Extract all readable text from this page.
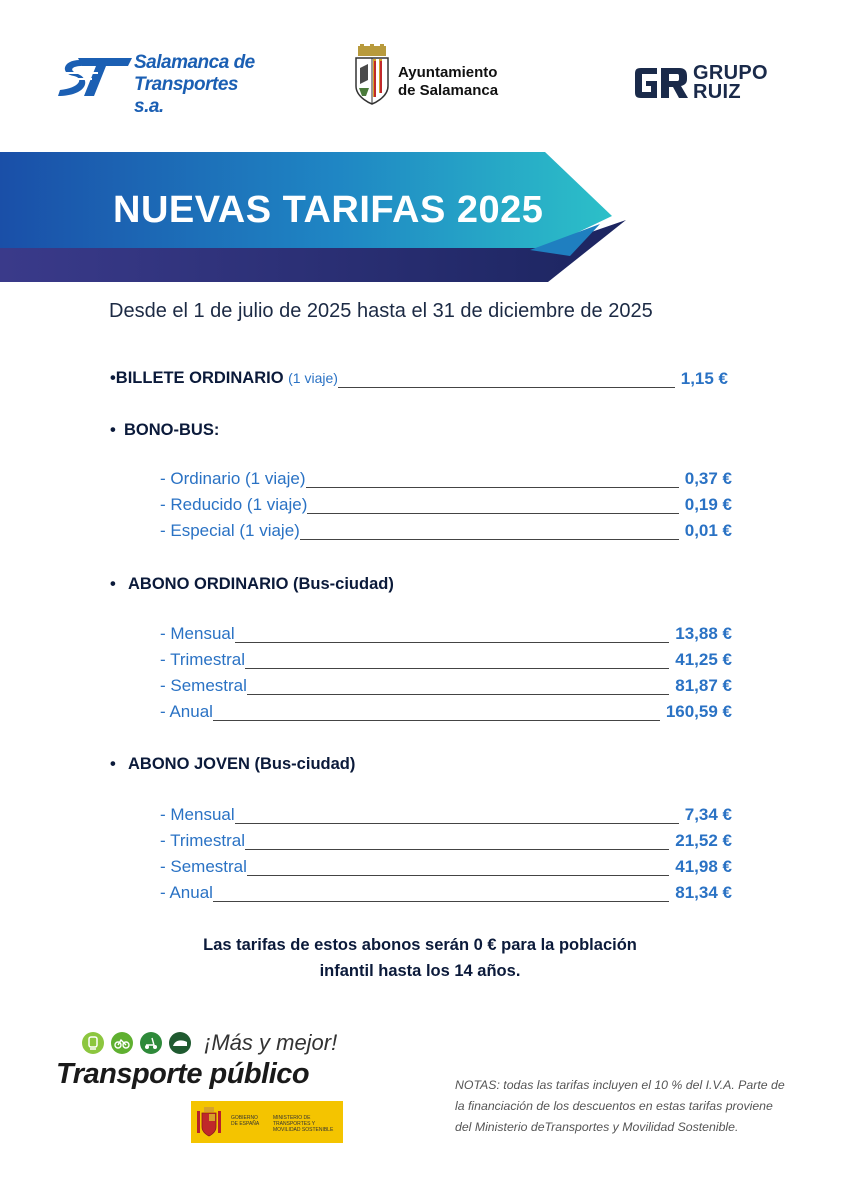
Salamanca de
Transportes s.a.
Ayuntamiento
de Salamanca
GRUPO
RUIZ
NUEVAS TARIFAS 2025
Desde el 1 de julio de 2025 hasta el 31 de diciembre de 2025
•BILLETE ORDINARIO (1 viaje)	1,15 €
• BONO-BUS:
- Ordinario (1 viaje)	0,37 €
- Reducido (1 viaje)	0,19 €
- Especial (1 viaje)	0,01 €
• ABONO ORDINARIO (Bus-ciudad)
- Mensual	13,88 €
- Trimestral	41,25 €
- Semestral	81,87 €
- Anual	160,59 €
• ABONO JOVEN (Bus-ciudad)
- Mensual	7,34 €
- Trimestral	21,52 €
- Semestral	41,98 €
- Anual	81,34 €
Las tarifas de estos abonos serán 0 € para la población
infantil hasta los 14 años.
¡Más y mejor!
Transporte público
GOBIERNO DE ESPAÑA
MINISTERIO DE TRANSPORTES Y MOVILIDAD SOSTENIBLE
NOTAS: todas las tarifas incluyen el 10 % del I.V.A. Parte de la financiación de los descuentos en estas tarifas proviene del Ministerio deTransportes y Movilidad Sostenible.
